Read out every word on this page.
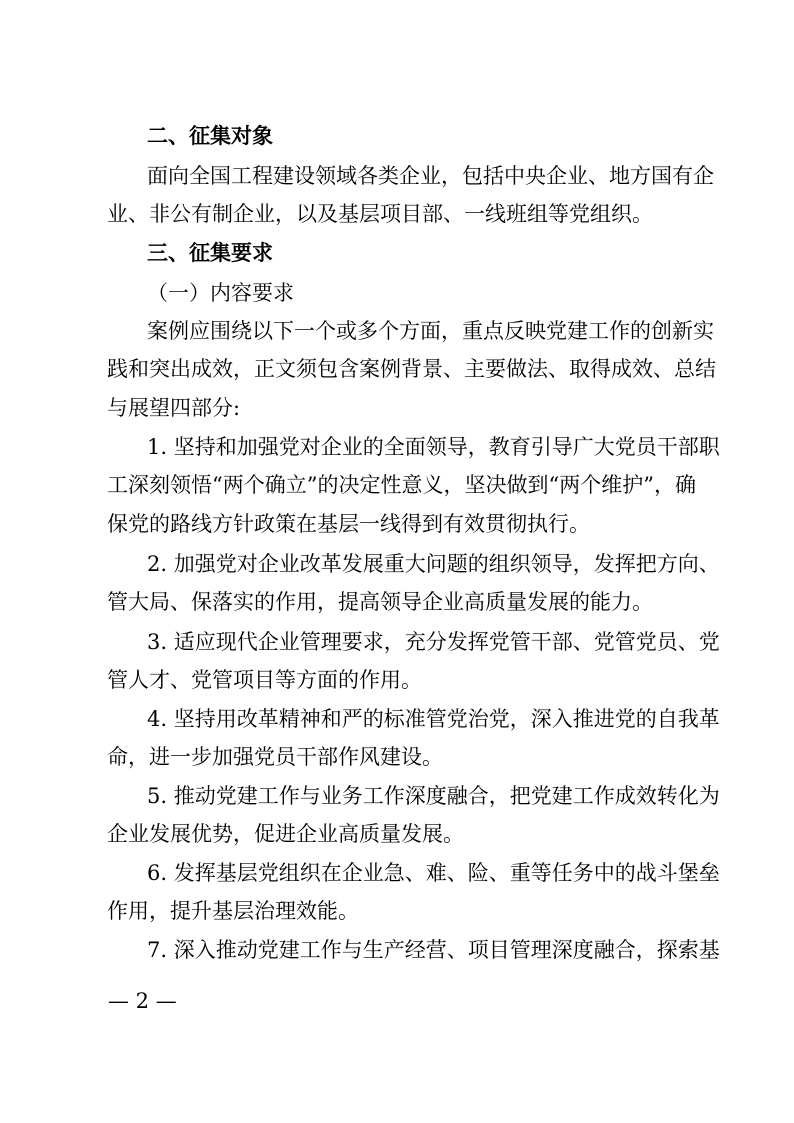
二、征集对象
面向全国工程建设领域各类企业，包括中央企业、地方国有企
业、非公有制企业，以及基层项目部、一线班组等党组织。
三、征集要求
（一）内容要求
案例应围绕以下一个或多个方面，重点反映党建工作的创新实
践和突出成效，正文须包含案例背景、主要做法、取得成效、总结
与展望四部分:
1. 坚持和加强党对企业的全面领导，教育引导广大党员干部职
工深刻领悟“两个确立”的决定性意义，坚决做到“两个维护”，确
保党的路线方针政策在基层一线得到有效贯彻执行。
2. 加强党对企业改革发展重大问题的组织领导，发挥把方向、
管大局、保落实的作用，提高领导企业高质量发展的能力。
3. 适应现代企业管理要求，充分发挥党管干部、党管党员、党
管人才、党管项目等方面的作用。
4. 坚持用改革精神和严的标准管党治党，深入推进党的自我革
命，进一步加强党员干部作风建设。
5. 推动党建工作与业务工作深度融合，把党建工作成效转化为
企业发展优势，促进企业高质量发展。
6. 发挥基层党组织在企业急、难、险、重等任务中的战斗堡垒
作用，提升基层治理效能。
7. 深入推动党建工作与生产经营、项目管理深度融合，探索基
— 2 —
